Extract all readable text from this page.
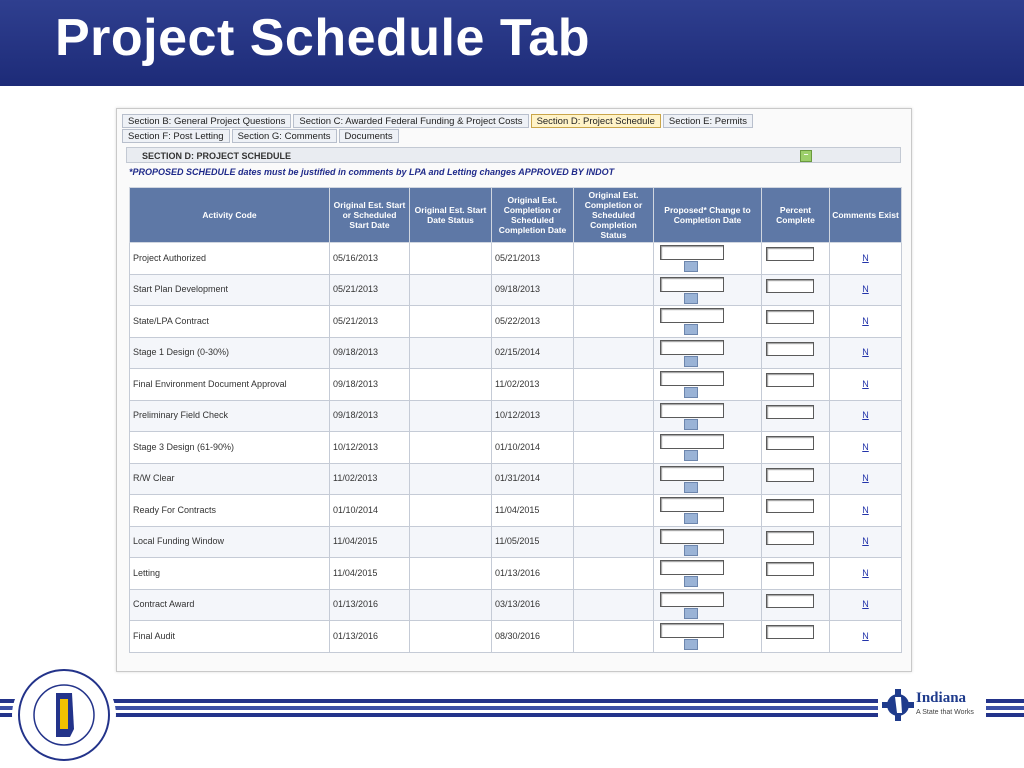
Project Schedule Tab
Section B: General Project Questions	Section C: Awarded Federal Funding & Project Costs	Section D: Project Schedule	Section E: Permits
Section F: Post Letting	Section G: Comments	Documents
SECTION D: PROJECT SCHEDULE	−
*PROPOSED SCHEDULE dates must be justified in comments by LPA and Letting changes APPROVED BY INDOT
Activity Code	Original Est. Start or Scheduled Start Date	Original Est. Start Date Status	Original Est. Completion or Scheduled Completion Date	Original Est. Completion or Scheduled Completion Status	Proposed* Change to Completion Date	Percent Complete	Comments Exist
Project Authorized	05/16/2013		05/21/2013				N
Start Plan Development	05/21/2013		09/18/2013				N
State/LPA Contract	05/21/2013		05/22/2013				N
Stage 1 Design (0-30%)	09/18/2013		02/15/2014				N
Final Environment Document Approval	09/18/2013		11/02/2013				N
Preliminary Field Check	09/18/2013		10/12/2013				N
Stage 3 Design (61-90%)	10/12/2013		01/10/2014				N
R/W Clear	11/02/2013		01/31/2014				N
Ready For Contracts	01/10/2014		11/04/2015				N
Local Funding Window	11/04/2015		11/05/2015				N
Letting	11/04/2015		01/13/2016				N
Contract Award	01/13/2016		03/13/2016				N
Final Audit	01/13/2016		08/30/2016				N
Indiana
A State that Works
